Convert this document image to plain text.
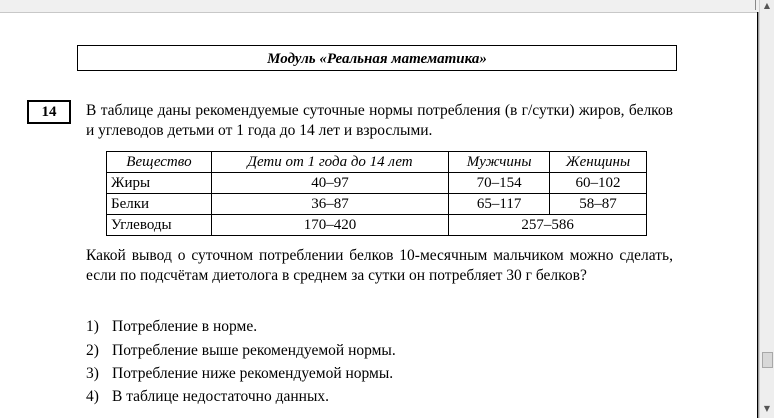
▲
▼
Модуль «Реальная математика»
14	В таблице даны рекомендуемые суточные нормы потребления (в г/сутки) жиров, белков и углеводов детьми от 1 года до 14 лет и взрослыми.
Вещество	Дети от 1 года до 14 лет	Мужчины	Женщины
Жиры	40–97	70–154	60–102
Белки	36–87	65–117	58–87
Углеводы	170–420	257–586	
Какой вывод о суточном потреблении белков 10-месячным мальчиком можно сделать, если по подсчётам диетолога в среднем за сутки он потребляет 30 г белков?
1) Потребление в норме.
2) Потребление выше рекомендуемой нормы.
3) Потребление ниже рекомендуемой нормы.
4) В таблице недостаточно данных.
